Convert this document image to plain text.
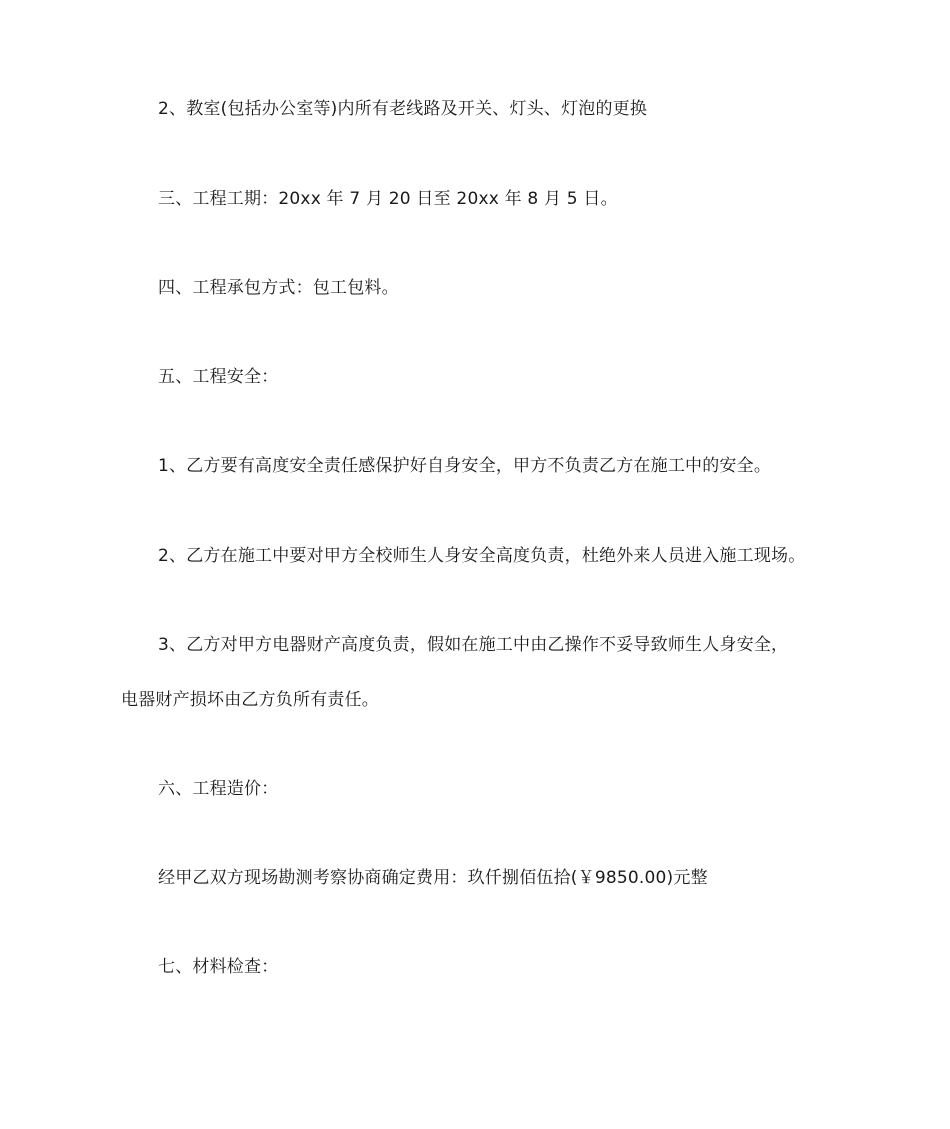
2、教室(包括办公室等)内所有老线路及开关、灯头、灯泡的更换
三、工程工期：20xx 年 7 月 20 日至 20xx 年 8 月 5 日。
四、工程承包方式：包工包料。
五、工程安全：
1、乙方要有高度安全责任感保护好自身安全，甲方不负责乙方在施工中的安全。
2、乙方在施工中要对甲方全校师生人身安全高度负责，杜绝外来人员进入施工现场。
3、乙方对甲方电器财产高度负责，假如在施工中由乙操作不妥导致师生人身安全，
电器财产损坏由乙方负所有责任。
六、工程造价：
经甲乙双方现场勘测考察协商确定费用：玖仟捌佰伍拾(￥9850.00)元整
七、材料检查：
